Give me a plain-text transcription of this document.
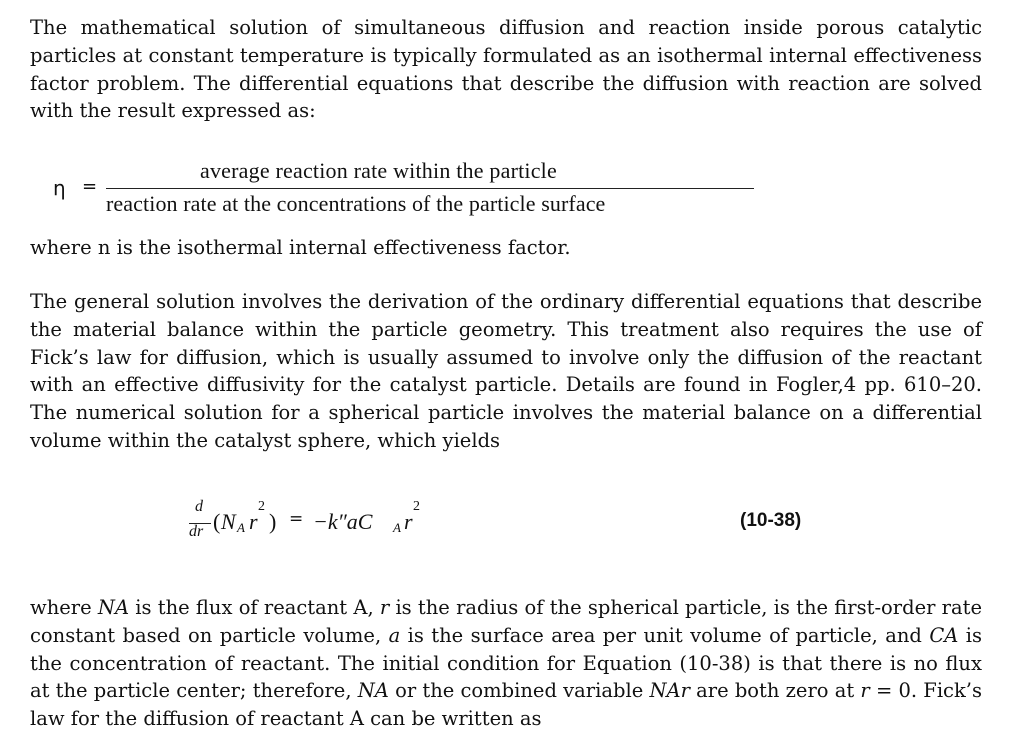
The mathematical solution of simultaneous diffusion and reaction inside porous catalytic particles at constant temperature is typically formulated as an isothermal internal effectiveness factor problem. The differential equations that describe the diffusion with reaction are solved with the result expressed as:

η =
average reaction rate within the particle
reaction rate at the concentrations of the particle surface

where n is the isothermal internal effectiveness factor.

The general solution involves the derivation of the ordinary differential equations that describe the material balance within the particle geometry. This treatment also requires the use of Fick’s law for diffusion, which is usually assumed to involve only the diffusion of the reactant with an effective diffusivity for the catalyst particle. Details are found in Fogler,4 pp. 610–20. The numerical solution for a spherical particle involves the material balance on a differential volume within the catalyst sphere, which yields

d
dr ( N A r
2
) = −k″aC A r
2
(10-38)

where NA is the flux of reactant A, r is the radius of the spherical particle, is the first-order rate constant based on particle volume, a is the surface area per unit volume of particle, and CA is the concentration of reactant. The initial condition for Equation (10-38) is that there is no flux at the particle center; therefore, NA or the combined variable NAr are both zero at r = 0. Fick’s law for the diffusion of reactant A can be written as
